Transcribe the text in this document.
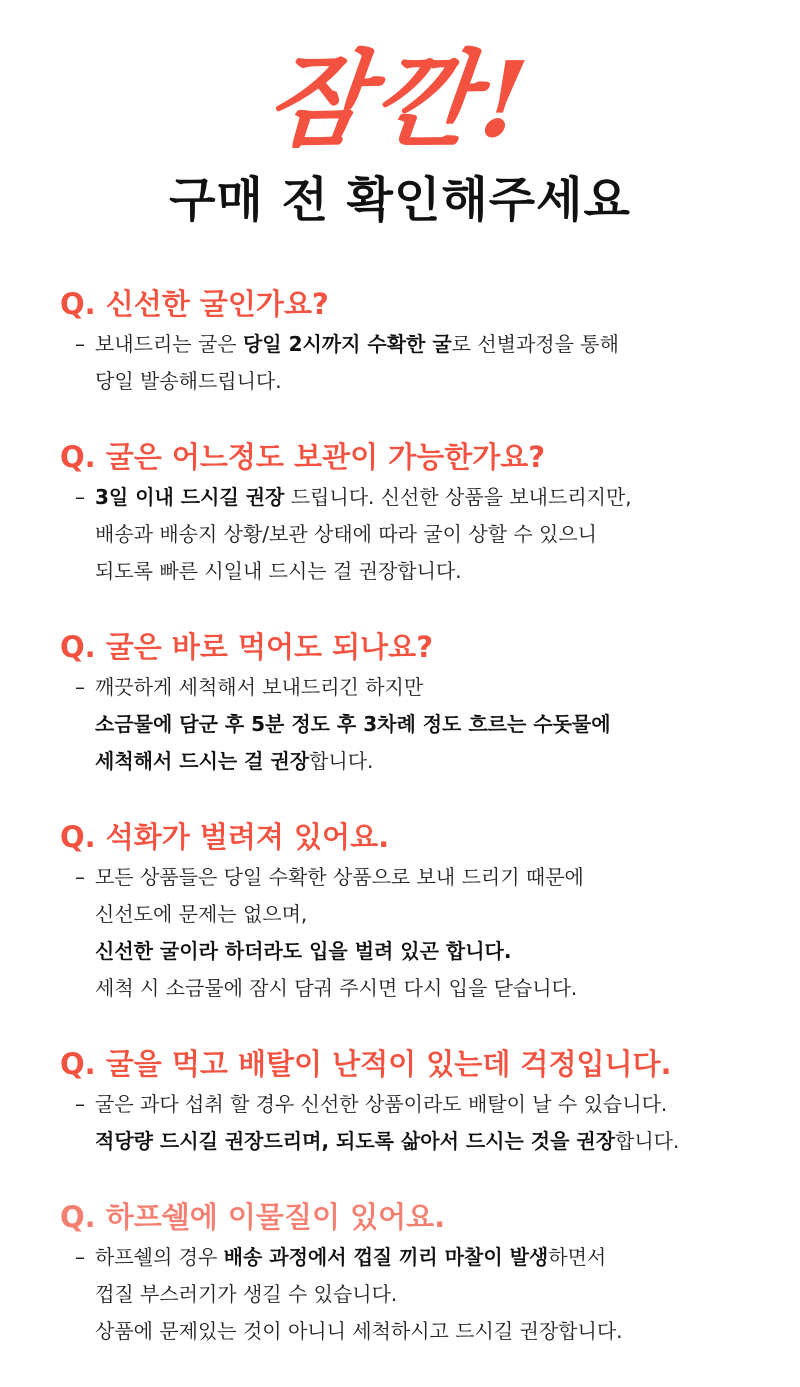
잠깐!
구매 전 확인해주세요
Q. 신선한 굴인가요?
– 보내드리는 굴은 당일 2시까지 수확한 굴로 선별과정을 통해
당일 발송해드립니다.
Q. 굴은 어느정도 보관이 가능한가요?
– 3일 이내 드시길 권장 드립니다. 신선한 상품을 보내드리지만,
배송과 배송지 상황/보관 상태에 따라 굴이 상할 수 있으니
되도록 빠른 시일내 드시는 걸 권장합니다.
Q. 굴은 바로 먹어도 되나요?
– 깨끗하게 세척해서 보내드리긴 하지만
소금물에 담군 후 5분 정도 후 3차례 정도 흐르는 수돗물에
세척해서 드시는 걸 권장합니다.
Q. 석화가 벌려져 있어요.
– 모든 상품들은 당일 수확한 상품으로 보내 드리기 때문에
신선도에 문제는 없으며,
신선한 굴이라 하더라도 입을 벌려 있곤 합니다.
세척 시 소금물에 잠시 담궈 주시면 다시 입을 닫습니다.
Q. 굴을 먹고 배탈이 난적이 있는데 걱정입니다.
– 굴은 과다 섭취 할 경우 신선한 상품이라도 배탈이 날 수 있습니다.
적당량 드시길 권장드리며, 되도록 삶아서 드시는 것을 권장합니다.
Q. 하프쉘에 이물질이 있어요.
– 하프쉘의 경우 배송 과정에서 껍질 끼리 마찰이 발생하면서
껍질 부스러기가 생길 수 있습니다.
상품에 문제있는 것이 아니니 세척하시고 드시길 권장합니다.
